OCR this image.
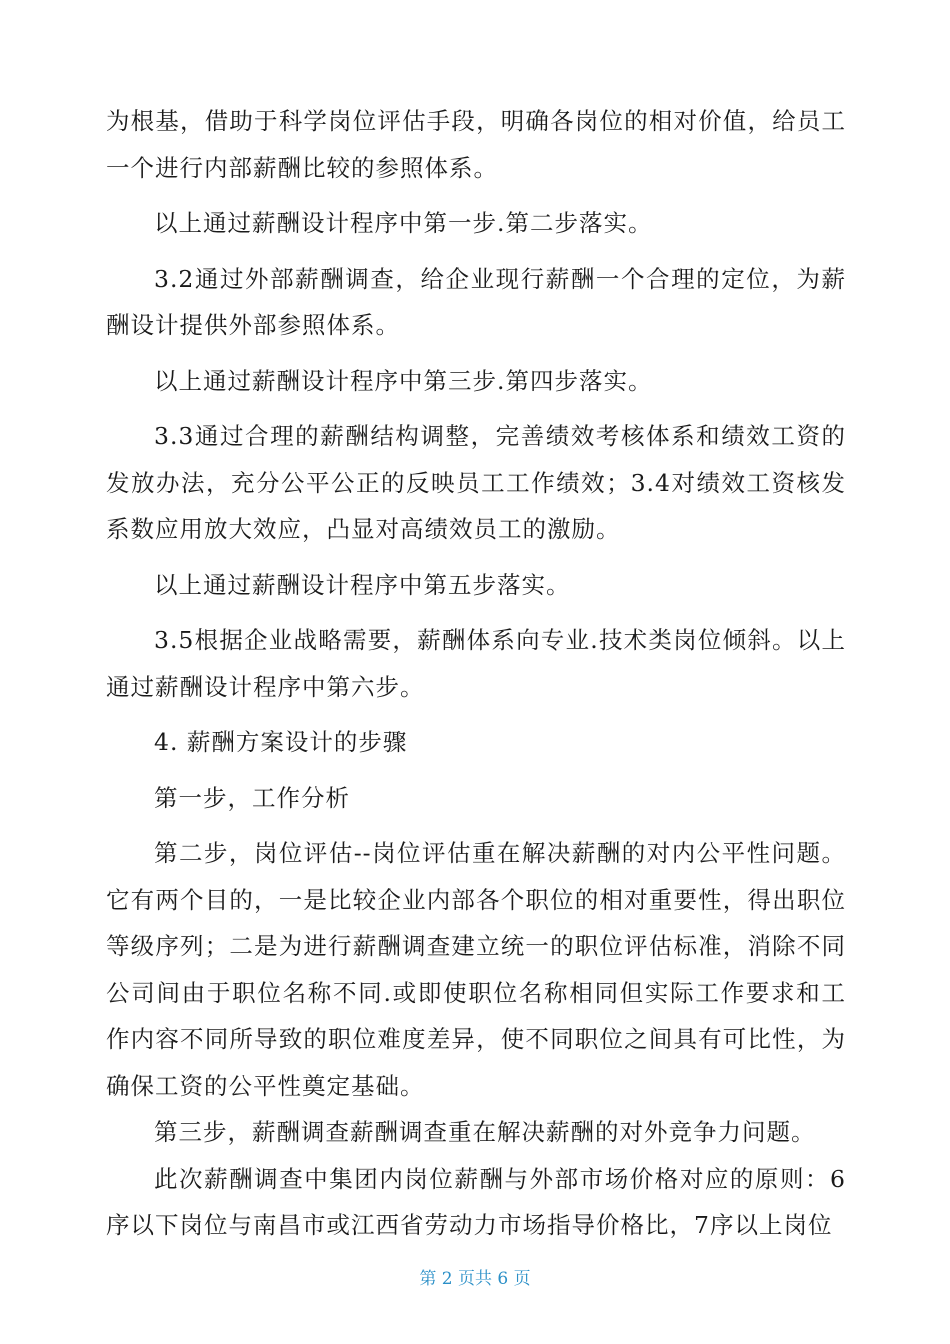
为根基，借助于科学岗位评估手段，明确各岗位的相对价值，给员工一个进行内部薪酬比较的参照体系。

以上通过薪酬设计程序中第一步.第二步落实。

3.2通过外部薪酬调查，给企业现行薪酬一个合理的定位，为薪酬设计提供外部参照体系。

以上通过薪酬设计程序中第三步.第四步落实。

3.3通过合理的薪酬结构调整，完善绩效考核体系和绩效工资的发放办法，充分公平公正的反映员工工作绩效；3.4对绩效工资核发系数应用放大效应，凸显对高绩效员工的激励。

以上通过薪酬设计程序中第五步落实。

3.5根据企业战略需要，薪酬体系向专业.技术类岗位倾斜。以上通过薪酬设计程序中第六步。

4. 薪酬方案设计的步骤

第一步，工作分析

第二步，岗位评估--岗位评估重在解决薪酬的对内公平性问题。它有两个目的，一是比较企业内部各个职位的相对重要性，得出职位等级序列；二是为进行薪酬调查建立统一的职位评估标准，消除不同公司间由于职位名称不同.或即使职位名称相同但实际工作要求和工作内容不同所导致的职位难度差异，使不同职位之间具有可比性，为确保工资的公平性奠定基础。

第三步，薪酬调查薪酬调查重在解决薪酬的对外竞争力问题。

此次薪酬调查中集团内岗位薪酬与外部市场价格对应的原则：6序以下岗位与南昌市或江西省劳动力市场指导价格比，7序以上岗位

第 2 页共 6 页
